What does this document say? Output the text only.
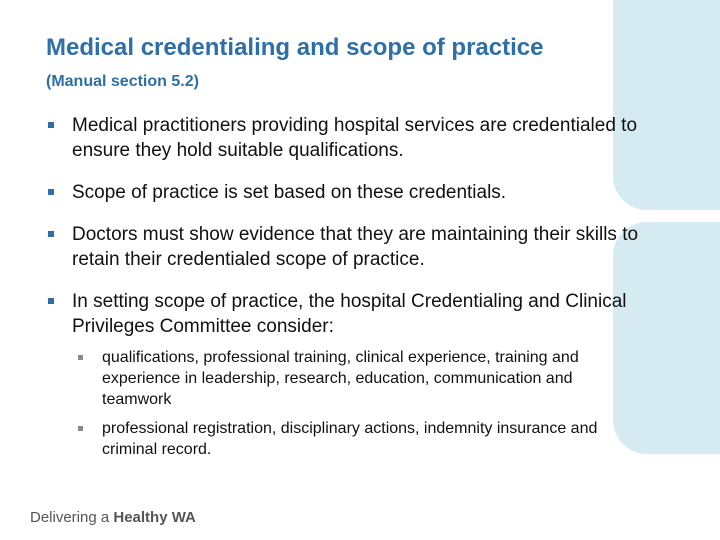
Medical credentialing and scope of practice
(Manual section 5.2)
Medical practitioners providing hospital services are credentialed to ensure they hold suitable qualifications.
Scope of practice is set based on these credentials.
Doctors must show evidence that they are maintaining their skills to retain their credentialed scope of practice.
In setting scope of practice, the hospital Credentialing and Clinical Privileges Committee consider:
qualifications, professional training, clinical experience, training and experience in leadership, research, education, communication and teamwork
professional registration, disciplinary actions, indemnity insurance and criminal record.
Delivering a Healthy WA
